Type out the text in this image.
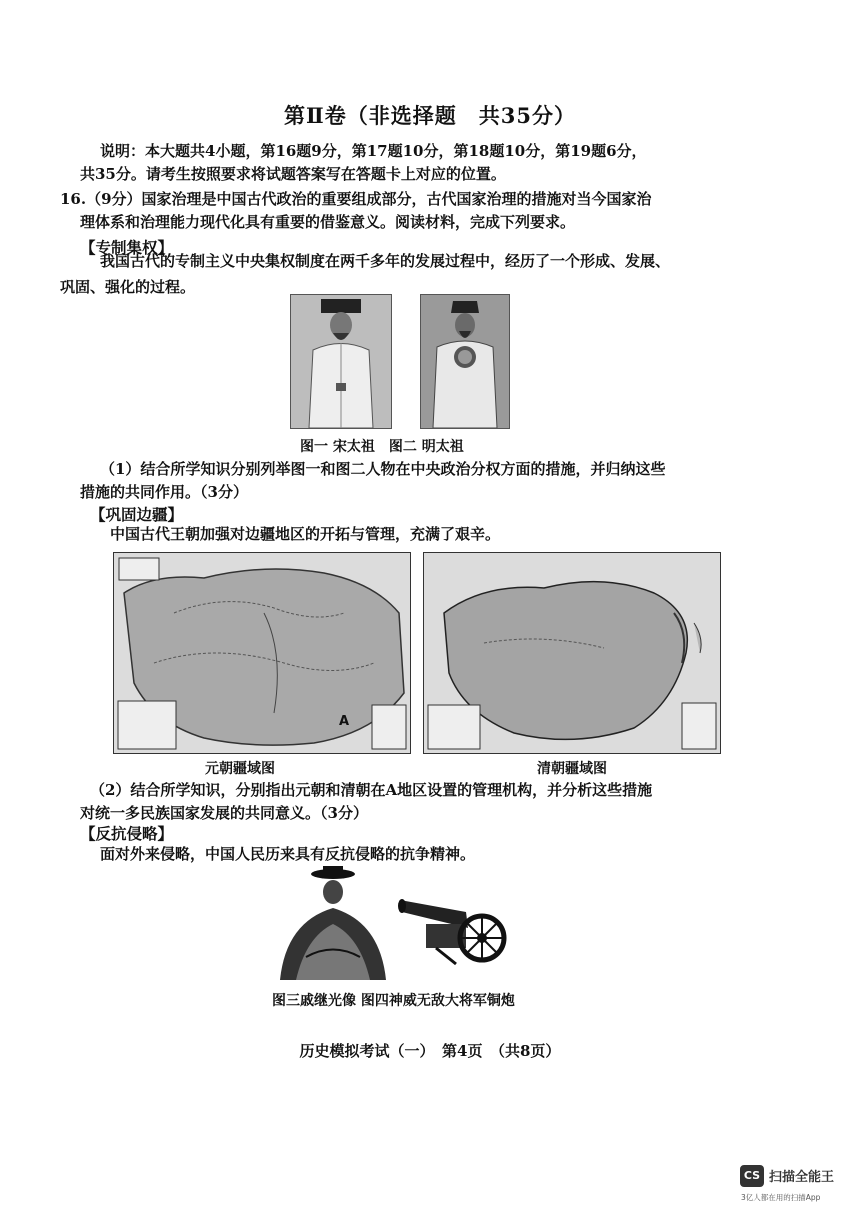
第Ⅱ卷（非选择题　共35分）
说明：本大题共4小题，第16题9分，第17题10分，第18题10分，第19题6分，
共35分。请考生按照要求将试题答案写在答题卡上对应的位置。
16.（9分）国家治理是中国古代政治的重要组成部分，古代国家治理的措施对当今国家治
理体系和治理能力现代化具有重要的借鉴意义。阅读材料，完成下列要求。
【专制集权】
我国古代的专制主义中央集权制度在两千多年的发展过程中，经历了一个形成、发展、
巩固、强化的过程。
图一 宋太祖　图二 明太祖
（1）结合所学知识分别列举图一和图二人物在中央政治分权方面的措施，并归纳这些
措施的共同作用。（3分）
【巩固边疆】
中国古代王朝加强对边疆地区的开拓与管理，充满了艰辛。
A
元朝疆域图	清朝疆域图
（2）结合所学知识，分别指出元朝和清朝在A地区设置的管理机构，并分析这些措施
对统一多民族国家发展的共同意义。（3分）
【反抗侵略】
面对外来侵略，中国人民历来具有反抗侵略的抗争精神。
图三戚继光像 图四神威无敌大将军铜炮
历史模拟考试（一）　第4页　（共8页）
CS 扫描全能王
3亿人都在用的扫描App
